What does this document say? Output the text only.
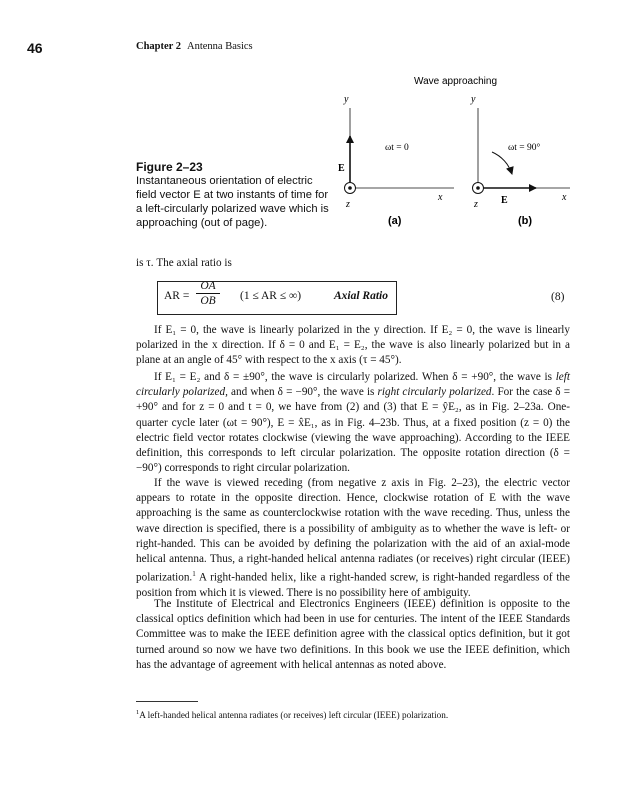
46	Chapter 2 Antenna Basics
Figure 2–23
Instantaneous orientation of electric field vector E at two instants of time for a left-circularly polarized wave which is approaching (out of page).
Wave approaching
y
x
z
E
ωt = 0
(a)
y
x
z E
ωt = 90°
(b)

is τ. The axial ratio is

AR =
OA
OB	(1 ≤ AR ≤ ∞)	Axial Ratio	(8)

If E₁ = 0, the wave is linearly polarized in the y direction. If E₂ = 0, the wave is linearly polarized in the x direction. If δ = 0 and E₁ = E₂, the wave is also linearly polarized but in a plane at an angle of 45° with respect to the x axis (τ = 45°).

If E₁ = E₂ and δ = ±90°, the wave is circularly polarized. When δ = +90°, the wave is left circularly polarized, and when δ = −90°, the wave is right circularly polarized. For the case δ = +90° and for z = 0 and t = 0, we have from (2) and (3) that E = ŷE₂, as in Fig. 2–23a. One-quarter cycle later (ωt = 90°), E = x̂E₁, as in Fig. 4–23b. Thus, at a fixed position (z = 0) the electric field vector rotates clockwise (viewing the wave approaching). According to the IEEE definition, this corresponds to left circular polarization. The opposite rotation direction (δ = −90°) corresponds to right circular polarization.

If the wave is viewed receding (from negative z axis in Fig. 2–23), the electric vector appears to rotate in the opposite direction. Hence, clockwise rotation of E with the wave approaching is the same as counterclockwise rotation with the wave receding. Thus, unless the wave direction is specified, there is a possibility of ambiguity as to whether the wave is left- or right-handed. This can be avoided by defining the polarization with the aid of an axial-mode helical antenna. Thus, a right-handed helical antenna radiates (or receives) right circular (IEEE) polarization.$^1$ A right-handed helix, like a right-handed screw, is right-handed regardless of the position from which it is viewed. There is no possibility here of ambiguity.

The Institute of Electrical and Electronics Engineers (IEEE) definition is opposite to the classical optics definition which had been in use for centuries. The intent of the IEEE Standards Committee was to make the IEEE definition agree with the classical optics definition, but it got turned around so now we have two definitions. In this book we use the IEEE definition, which has the advantage of agreement with helical antennas as noted above.

$^1$A left-handed helical antenna radiates (or receives) left circular (IEEE) polarization.
